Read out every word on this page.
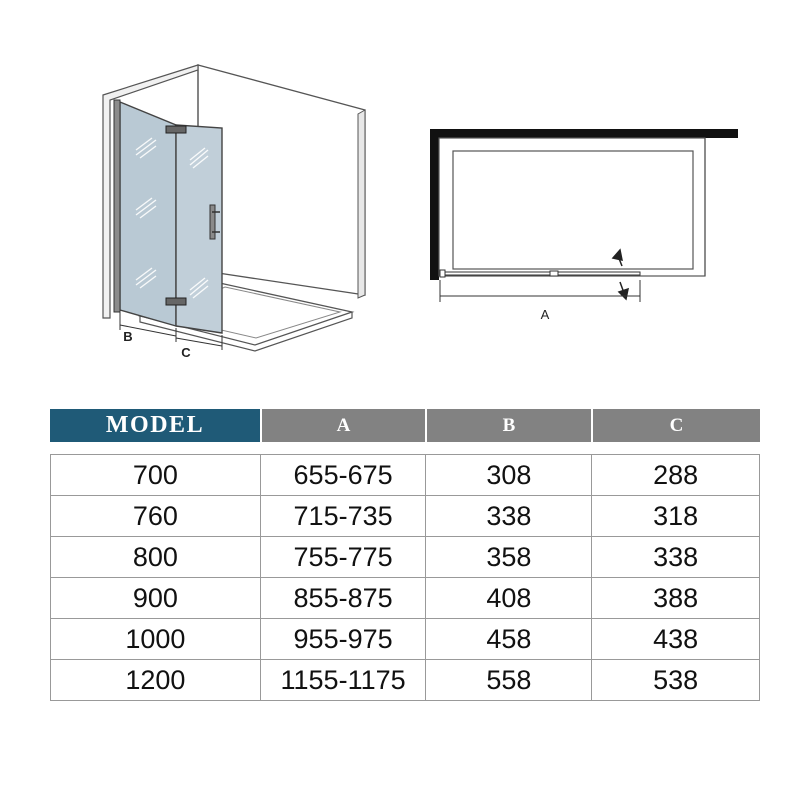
B
C
A
MODEL	A	B	C
700	655-675	308	288
760	715-735	338	318
800	755-775	358	338
900	855-875	408	388
1000	955-975	458	438
1200	1155-1175	558	538
